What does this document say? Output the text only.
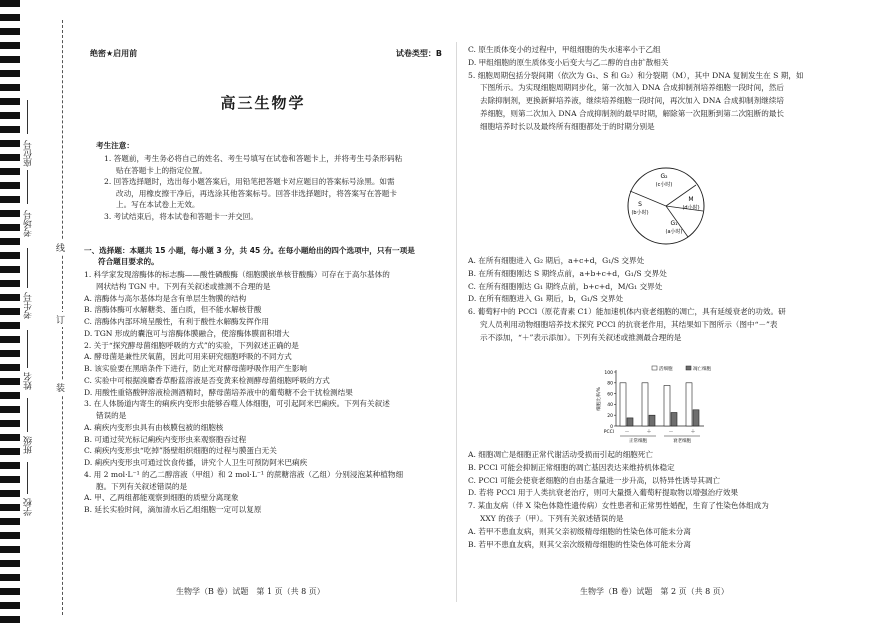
座位号
考场号
考生号
姓名
班级
学校
线
订
装
绝密★启用前	试卷类型：B
高三生物学
考生注意：
1. 答题前，考生务必将自己的姓名、考生号填写在试卷和答题卡上，并将考生号条形码粘
贴在答题卡上的指定位置。
2. 回答选择题时，选出每小题答案后，用铅笔把答题卡对应题目的答案标号涂黑。如需
改动，用橡皮擦干净后，再选涂其他答案标号。回答非选择题时，将答案写在答题卡
上。写在本试卷上无效。
3. 考试结束后，将本试卷和答题卡一并交回。
一、选择题：本题共 15 小题，每小题 3 分，共 45 分。在每小题给出的四个选项中，只有一项是
符合题目要求的。
1. 科学家发现溶酶体的标志酶——酸性磷酸酶（细胞膜嵌单核苷酸酶）可存在于高尔基体的
网状结构 TGN 中。下列有关叙述或推测不合理的是
A. 溶酶体与高尔基体均是含有单层生物膜的结构
B. 溶酶体酶可水解糖类、蛋白质，但不能水解核苷酸
C. 溶酶体内部环境呈酸性，有利于酸性水解酶发挥作用
D. TGN 形成的囊泡可与溶酶体膜融合，使溶酶体膜面积增大
2. 关于“探究酵母菌细胞呼吸的方式”的实验，下列叙述正确的是
A. 酵母菌是兼性厌氧菌，因此可用来研究细胞呼吸的不同方式
B. 该实验要在黑暗条件下进行，防止光对酵母菌呼吸作用产生影响
C. 实验中可根据溴麝香草酚蓝溶液是否变黄来检测酵母菌细胞呼吸的方式
D. 用酸性重铬酸钾溶液检测酒精时，酵母菌培养液中的葡萄糖不会干扰检测结果
3. 在人体肠道内寄生的痢疾内变形虫能够吞噬人体细胞，可引起阿米巴痢疾。下列有关叙述
错误的是
A. 痢疾内变形虫具有由核膜包被的细胞核
B. 可通过荧光标记痢疾内变形虫来观察胞吞过程
C. 痢疾内变形虫“吃掉”肠壁组织细胞的过程与膜蛋白无关
D. 痢疾内变形虫可通过饮食传播，讲究个人卫生可预防阿米巴痢疾
4. 用 2 mol·L⁻¹ 的乙二醇溶液（甲组）和 2 mol·L⁻¹ 的蔗糖溶液（乙组）分别浸泡某种植物细
胞。下列有关叙述错误的是
A. 甲、乙两组都能观察到细胞的质壁分离现象
B. 延长实验时间，滴加清水后乙组细胞一定可以复原
生物学（B 卷）试题　第 1 页（共 8 页）
C. 原生质体变小的过程中，甲组细胞的失水速率小于乙组
D. 甲组细胞的原生质体变小后变大与乙二醇的自由扩散相关
5. 细胞周期包括分裂间期（依次为 G₁、S 和 G₂）和分裂期（M），其中 DNA 复制发生在 S 期，如
下图所示。为实现细胞周期同步化，第一次加入 DNA 合成抑制剂培养细胞一段时间，然后
去除抑制剂，更换新鲜培养液，继续培养细胞一段时间，再次加入 DNA 合成抑制剂继续培
养细胞，则第二次加入 DNA 合成抑制剂的最早时期，解除第一次阻断到第二次阻断的最长
细胞培养时长以及最终所有细胞都处于的时期分别是
G₂
(c小时)
S
(b小时)
M
(d小时)
G₁
(a小时)
A. 在所有细胞进入 G₂ 期后，a+c+d，G₁/S 交界处
B. 在所有细胞刚达 S 期终点前，a+b+c+d，G₁/S 交界处
C. 在所有细胞刚达 G₁ 期终点前，b+c+d，M/G₁ 交界处
D. 在所有细胞进入 G₁ 期后，b，G₁/S 交界处
6. 葡萄籽中的 PCCl（原花青素 C1）能加速机体内衰老细胞的凋亡，具有延缓衰老的功效。研
究人员利用动物细胞培养技术探究 PCCl 的抗衰老作用，其结果如下图所示（图中“－”表
示不添加，“＋”表示添加）。下列有关叙述或推测最合理的是
0
20
40
60
80
100
细胞比率/%
－	＋	－	＋
PCCl
正常细胞	衰老细胞
活细胞	凋亡细胞
A. 细胞凋亡是细胞正常代谢活动受损而引起的细胞死亡
B. PCCl 可能会抑制正常细胞的凋亡基因表达来维持机体稳定
C. PCCl 可能会使衰老细胞的自由基含量进一步升高，以特异性诱导其凋亡
D. 若将 PCCl 用于人类抗衰老治疗，则可大量摄入葡萄籽提取物以增强治疗效果
7. 某血友病（伴 X 染色体隐性遗传病）女性患者和正常男性婚配，生育了性染色体组成为
XXY 的孩子（甲）。下列有关叙述错误的是
A. 若甲不患血友病，则其父亲初级精母细胞的性染色体可能未分离
B. 若甲不患血友病，则其父亲次级精母细胞的性染色体可能未分离
生物学（B 卷）试题　第 2 页（共 8 页）
